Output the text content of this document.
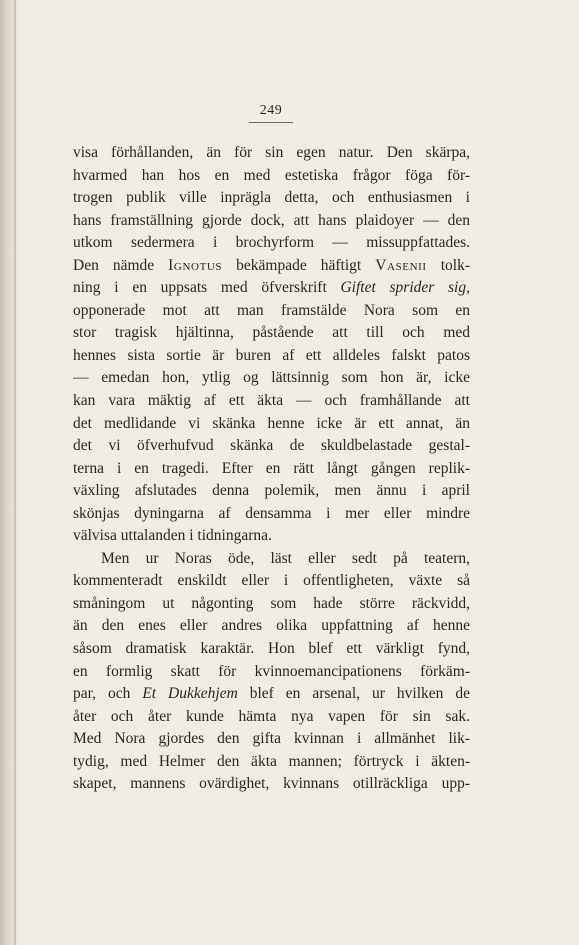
249
visa förhållanden, än för sin egen natur. Den skärpa,
hvarmed han hos en med estetiska frågor föga för-
trogen publik ville inprägla detta, och enthusiasmen i
hans framställning gjorde dock, att hans plaidoyer — den
utkom sedermera i brochyrform — missuppfattades.
Den nämde Ignotus bekämpade häftigt Vasenii tolk-
ning i en uppsats med öfverskrift Giftet sprider sig,
opponerade mot att man framstälde Nora som en
stor tragisk hjältinna, påstående att till och med
hennes sista sortie är buren af ett alldeles falskt patos
— emedan hon, ytlig og lättsinnig som hon är, icke
kan vara mäktig af ett äkta — och framhållande att
det medlidande vi skänka henne icke är ett annat, än
det vi öfverhufvud skänka de skuldbelastade gestal-
terna i en tragedi. Efter en rätt långt gången replik-
växling afslutades denna polemik, men ännu i april
skönjas dyningarna af densamma i mer eller mindre
välvisa uttalanden i tidningarna.
Men ur Noras öde, läst eller sedt på teatern,
kommenteradt enskildt eller i offentligheten, växte så
småningom ut någonting som hade större räckvidd,
än den enes eller andres olika uppfattning af henne
såsom dramatisk karaktär. Hon blef ett värkligt fynd,
en formlig skatt för kvinnoemancipationens förkäm-
par, och Et Dukkehjem blef en arsenal, ur hvilken de
åter och åter kunde hämta nya vapen för sin sak.
Med Nora gjordes den gifta kvinnan i allmänhet lik-
tydig, med Helmer den äkta mannen; förtryck i äkten-
skapet, mannens ovärdighet, kvinnans otillräckliga upp-
